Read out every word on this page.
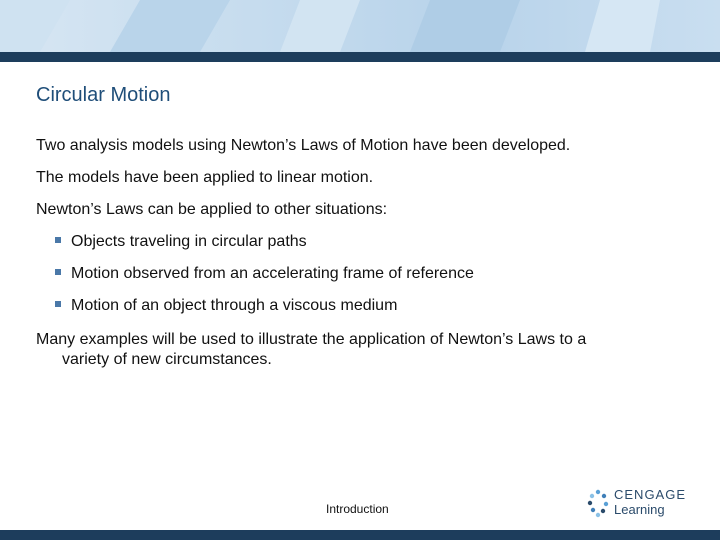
Circular Motion

Two analysis models using Newton’s Laws of Motion have been developed.

The models have been applied to linear motion.

Newton’s Laws can be applied to other situations:

Objects traveling in circular paths
Motion observed from an accelerating frame of reference
Motion of an object through a viscous medium

Many examples will be used to illustrate the application of Newton’s Laws to a
variety of new circumstances.

Introduction
CENGAGE
Learning
